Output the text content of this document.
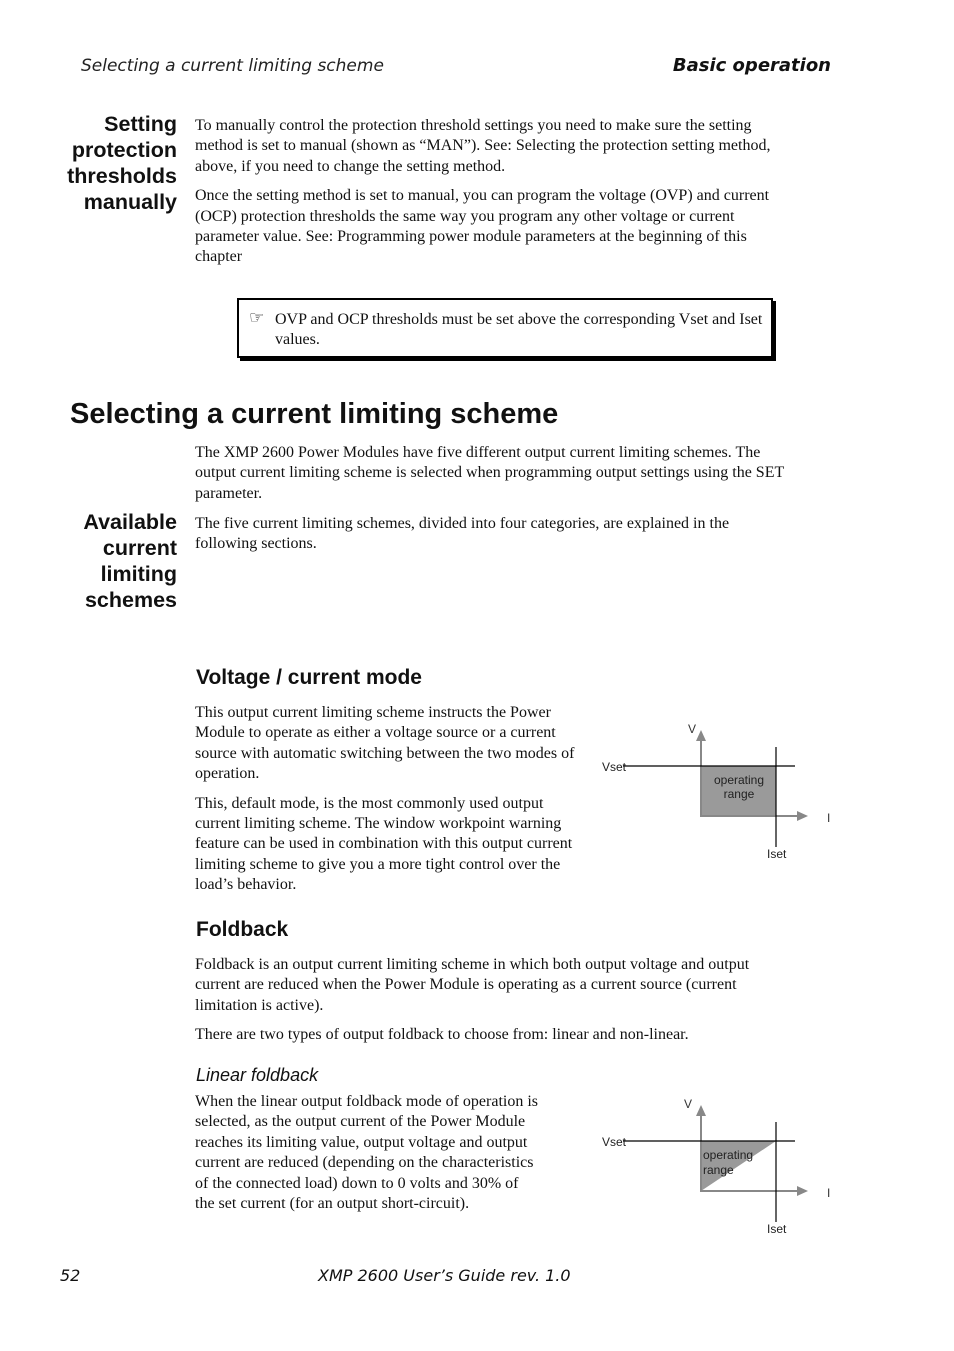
Selecting a current limiting scheme	Basic operation
Setting
protection
thresholds
manually

To manually control the protection threshold settings you need to make sure the setting method is set to manual (shown as “MAN”). See: Selecting the protection setting method, above, if you need to change the setting method.

Once the setting method is set to manual, you can program the voltage (OVP) and current (OCP) protection thresholds the same way you program any other voltage or current parameter value. See: Programming power module parameters at the beginning of this chapter

☞ OVP and OCP thresholds must be set above the corresponding Vset and Iset values.
Selecting a current limiting scheme
The XMP 2600 Power Modules have five different output current limiting schemes. The output current limiting scheme is selected when programming output settings using the SET parameter.
Available
current
limiting
schemes
The five current limiting schemes, divided into four categories, are explained in the following sections.
Voltage / current mode

This output current limiting scheme instructs the Power Module to operate as either a voltage source or a current source with automatic switching between the two modes of operation.

This, default mode, is the most commonly used output current limiting scheme. The window workpoint warning feature can be used in combination with this output current limiting scheme to give you a more tight control over the load’s behavior.

V
I
Vset
Iset
operating
range
Foldback

Foldback is an output current limiting scheme in which both output voltage and output current are reduced when the Power Module is operating as a current source (current limitation is active).

There are two types of output foldback to choose from: linear and non-linear.

Linear foldback
When the linear output foldback mode of operation is selected, as the output current of the Power Module reaches its limiting value, output voltage and output current are reduced (depending on the characteristics of the connected load) down to 0 volts and 30% of the set current (for an output short-circuit).
V
I
Vset
Iset
operating
range
52	XMP 2600 User’s Guide rev. 1.0
